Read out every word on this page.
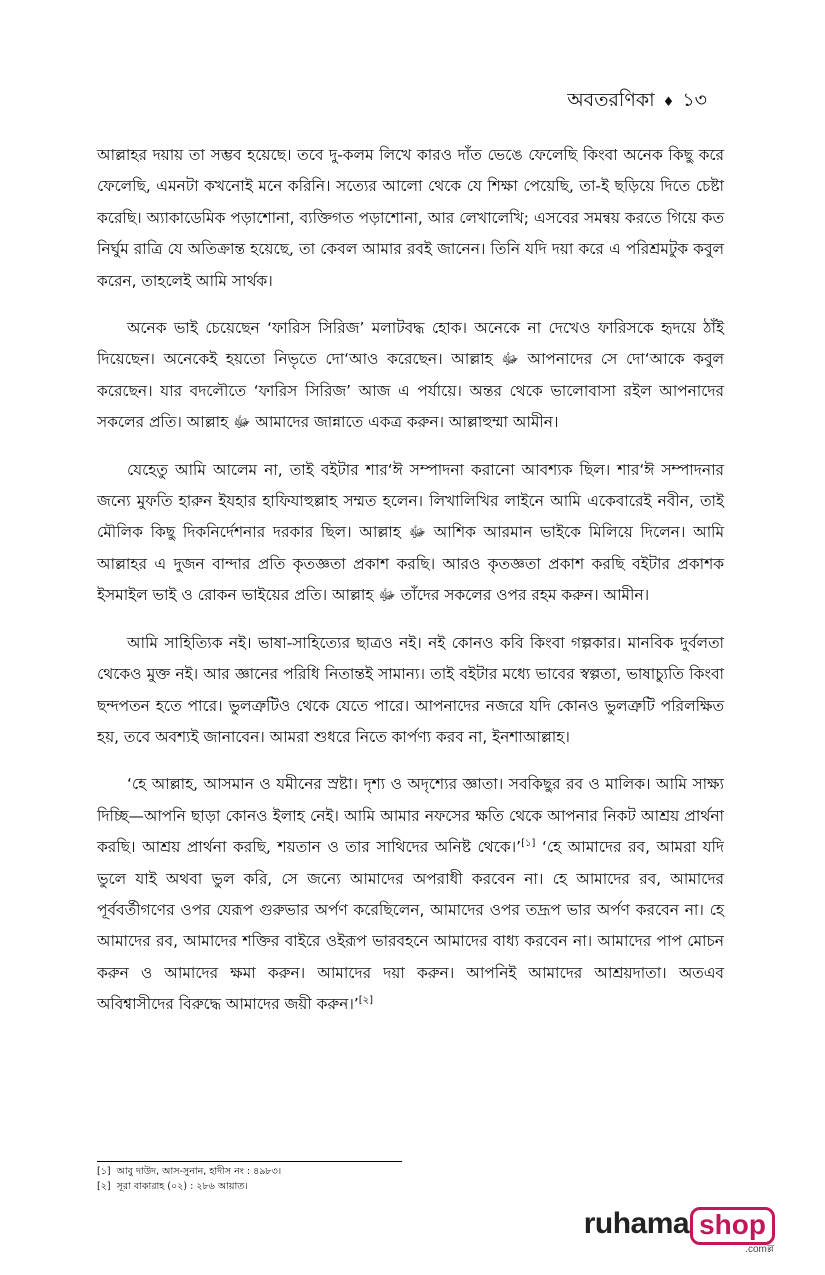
অবতরণিকা ♦ ১৩

আল্লাহর দয়ায় তা সম্ভব হয়েছে। তবে দু-কলম লিখে কারও দাঁত ভেঙে ফেলেছি কিংবা অনেক কিছু করে ফেলেছি, এমনটা কখনোই মনে করিনি। সত্যের আলো থেকে যে শিক্ষা পেয়েছি, তা-ই ছড়িয়ে দিতে চেষ্টা করেছি। অ্যাকাডেমিক পড়াশোনা, ব্যক্তিগত পড়াশোনা, আর লেখালেখি; এসবের সমন্বয় করতে গিয়ে কত নির্ঘুম রাত্রি যে অতিক্রান্ত হয়েছে, তা কেবল আমার রবই জানেন। তিনি যদি দয়া করে এ পরিশ্রমটুক কবুল করেন, তাহলেই আমি সার্থক।

অনেক ভাই চেয়েছেন ‘ফারিস সিরিজ’ মলাটবদ্ধ হোক। অনেকে না দেখেও ফারিসকে হৃদয়ে ঠাঁই দিয়েছেন। অনেকেই হয়তো নিভৃতে দো‘আও করেছেন। আল্লাহ ﷻ আপনাদের সে দো‘আকে কবুল করেছেন। যার বদলৌতে ‘ফারিস সিরিজ’ আজ এ পর্যায়ে। অন্তর থেকে ভালোবাসা রইল আপনাদের সকলের প্রতি। আল্লাহ ﷻ আমাদের জান্নাতে একত্র করুন। আল্লাহুম্মা আমীন।

যেহেতু আমি আলেম না, তাই বইটার শার‘ঈ সম্পাদনা করানো আবশ্যক ছিল। শার‘ঈ সম্পাদনার জন্যে মুফতি হারুন ইযহার হাফিযাহুল্লাহ সম্মত হলেন। লিখালিখির লাইনে আমি একেবারেই নবীন, তাই মৌলিক কিছু দিকনির্দেশনার দরকার ছিল। আল্লাহ ﷻ আশিক আরমান ভাইকে মিলিয়ে দিলেন। আমি আল্লাহর এ দুজন বান্দার প্রতি কৃতজ্ঞতা প্রকাশ করছি। আরও কৃতজ্ঞতা প্রকাশ করছি বইটার প্রকাশক ইসমাইল ভাই ও রোকন ভাইয়ের প্রতি। আল্লাহ ﷻ তাঁদের সকলের ওপর রহম করুন। আমীন।

আমি সাহিত্যিক নই। ভাষা-সাহিত্যের ছাত্রও নই। নই কোনও কবি কিংবা গল্পকার। মানবিক দুর্বলতা থেকেও মুক্ত নই। আর জ্ঞানের পরিধি নিতান্তই সামান্য। তাই বইটার মধ্যে ভাবের স্বল্পতা, ভাষাচ্যুতি কিংবা ছন্দপতন হতে পারে। ভুলত্রুটিও থেকে যেতে পারে। আপনাদের নজরে যদি কোনও ভুলত্রুটি পরিলক্ষিত হয়, তবে অবশ্যই জানাবেন। আমরা শুধরে নিতে কার্পণ্য করব না, ইনশাআল্লাহ।

‘হে আল্লাহ, আসমান ও যমীনের স্রষ্টা। দৃশ্য ও অদৃশ্যের জ্ঞাতা। সবকিছুর রব ও মালিক। আমি সাক্ষ্য দিচ্ছি—আপনি ছাড়া কোনও ইলাহ নেই। আমি আমার নফসের ক্ষতি থেকে আপনার নিকট আশ্রয় প্রার্থনা করছি। আশ্রয় প্রার্থনা করছি, শয়তান ও তার সাথিদের অনিষ্ট থেকে।’[১] ‘হে আমাদের রব, আমরা যদি ভুলে যাই অথবা ভুল করি, সে জন্যে আমাদের অপরাধী করবেন না। হে আমাদের রব, আমাদের পূর্ববর্তীগণের ওপর যেরূপ গুরুভার অর্পণ করেছিলেন, আমাদের ওপর তদ্রূপ ভার অর্পণ করবেন না। হে আমাদের রব, আমাদের শক্তির বাইরে ওইরূপ ভারবহনে আমাদের বাধ্য করবেন না। আমাদের পাপ মোচন করুন ও আমাদের ক্ষমা করুন। আমাদের দয়া করুন। আপনিই আমাদের আশ্রয়দাতা। অতএব অবিশ্বাসীদের বিরুদ্ধে আমাদের জয়ী করুন।’[২]

[১] আবু দাউদ, আস-সুনান, হাদীস নং : ৪৯৮৩।

[২] সূরা বাকারাহ (০২) : ২৮৬ আয়াত।

ruhama shop
.comল্ল
